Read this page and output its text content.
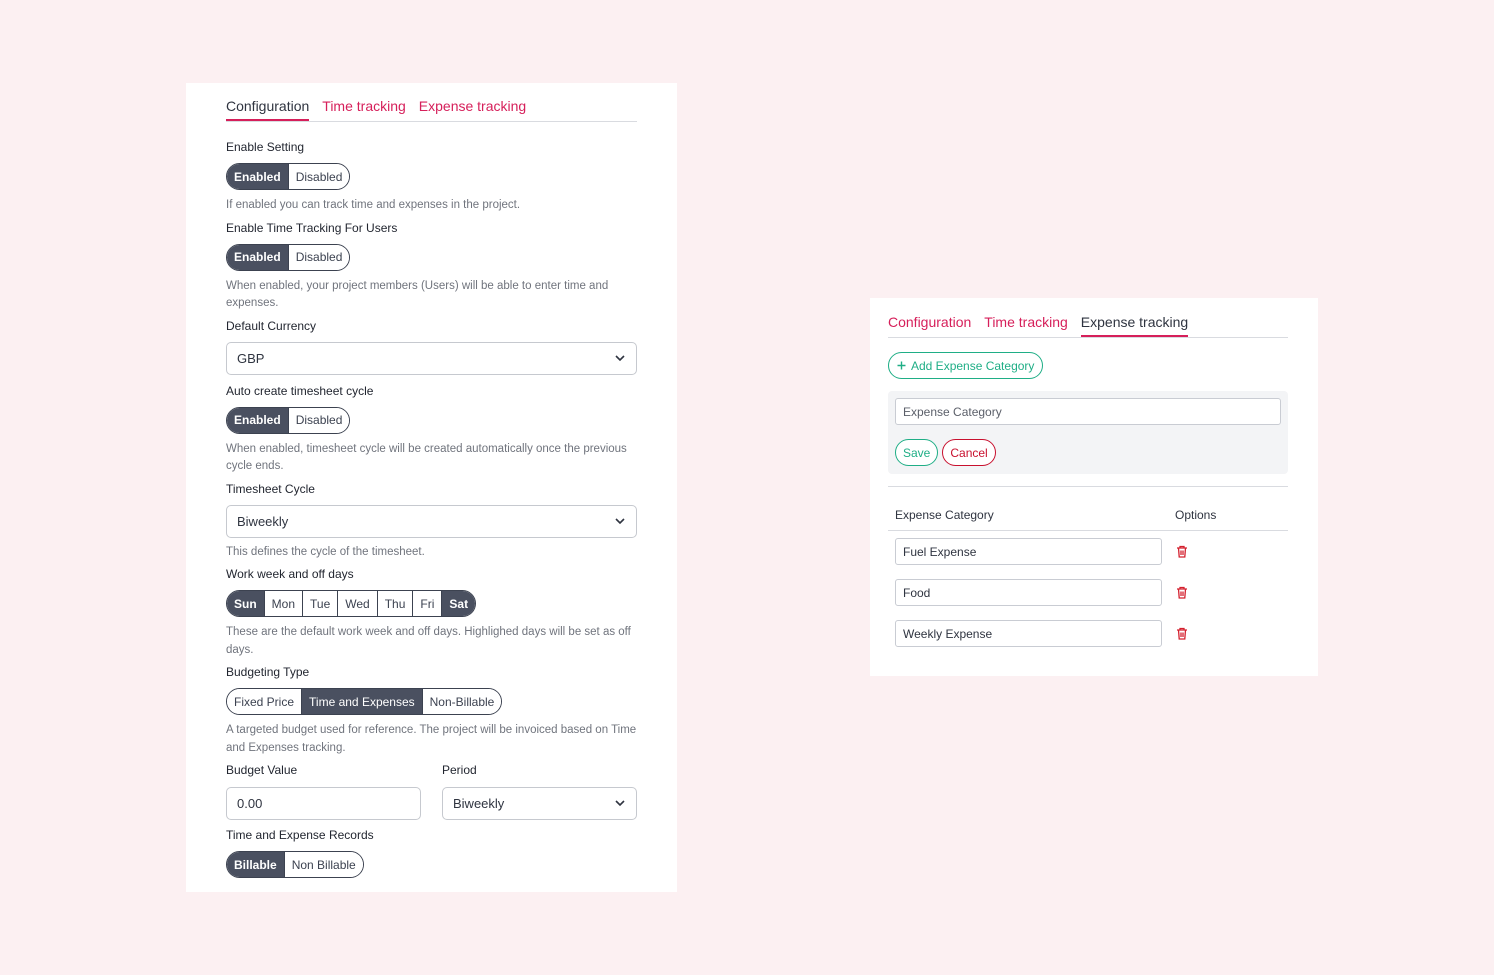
Configuration Time tracking Expense tracking
Enable Setting
Enabled	Disabled
If enabled you can track time and expenses in the project.
Enable Time Tracking For Users
Enabled	Disabled
When enabled, your project members (Users) will be able to enter time and expenses.
Default Currency
GBP
Auto create timesheet cycle
Enabled	Disabled
When enabled, timesheet cycle will be created automatically once the previous cycle ends.
Timesheet Cycle
Biweekly
This defines the cycle of the timesheet.
Work week and off days
Sun	Mon	Tue	Wed	Thu	Fri	Sat
These are the default work week and off days. Highlighed days will be set as off days.
Budgeting Type
Fixed Price	Time and Expenses	Non-Billable
A targeted budget used for reference. The project will be invoiced based on Time and Expenses tracking.
Budget Value
0.00
Period
Biweekly
Time and Expense Records
Billable	Non Billable
Configuration Time tracking Expense tracking
Add Expense Category
Expense Category
Save	Cancel
Expense Category	Options
Fuel Expense
Food
Weekly Expense
